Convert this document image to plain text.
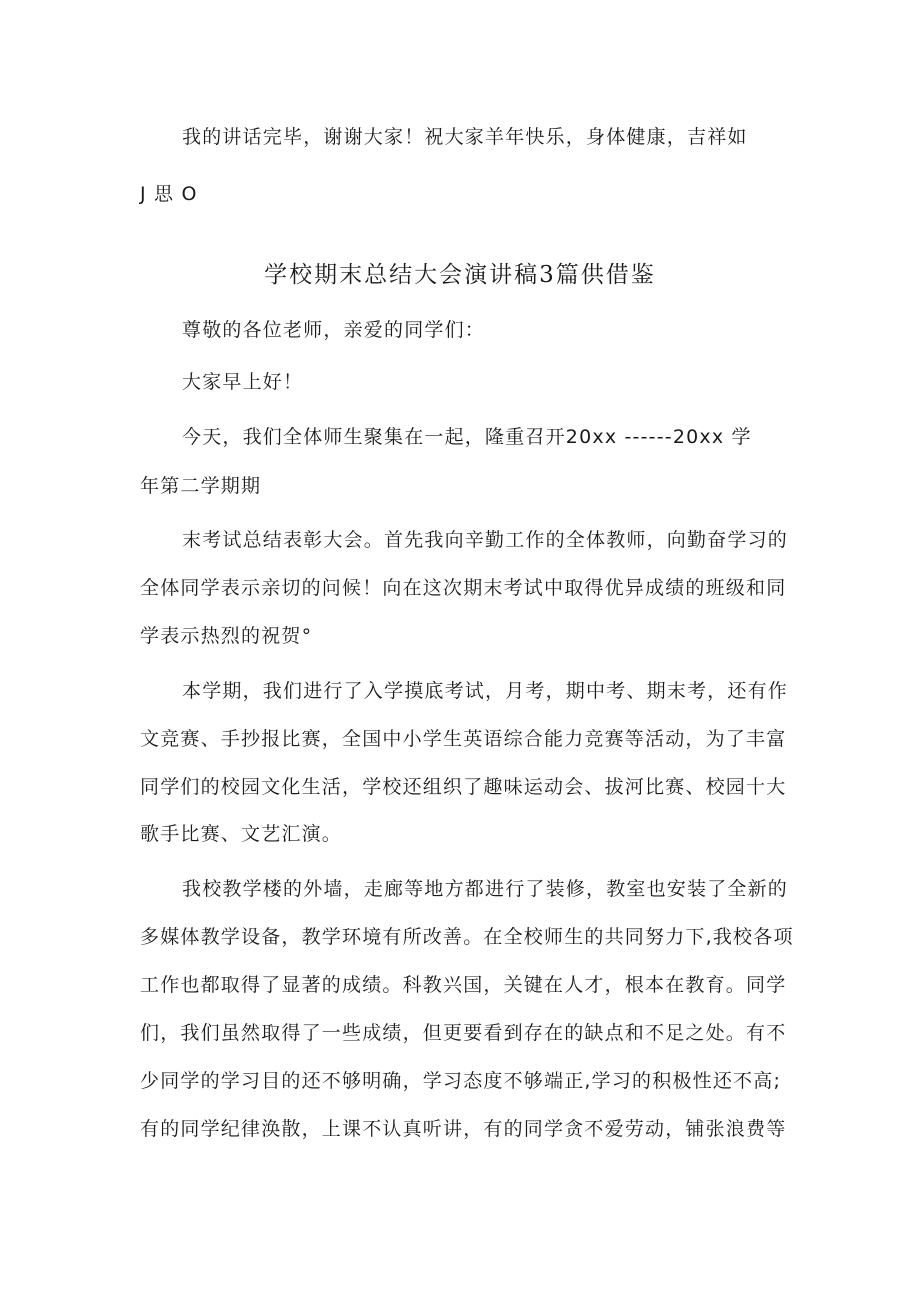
我的讲话完毕，谢谢大家！祝大家羊年快乐，身体健康，吉祥如
J 思 O
学校期末总结大会演讲稿3篇供借鉴
尊敬的各位老师，亲爱的同学们：
大家早上好！
今天，我们全体师生聚集在一起，隆重召开20xx ------20xx 学
年第二学期期
末考试总结表彰大会。首先我向辛勤工作的全体教师，向勤奋学习的
全体同学表示亲切的问候！向在这次期末考试中取得优异成绩的班级和同
学表示热烈的祝贺°
本学期，我们进行了入学摸底考试，月考，期中考、期末考，还有作
文竞赛、手抄报比赛，全国中小学生英语综合能力竞赛等活动，为了丰富
同学们的校园文化生活，学校还组织了趣味运动会、拔河比赛、校园十大
歌手比赛、文艺汇演。
我校教学楼的外墙，走廊等地方都进行了装修，教室也安装了全新的
多媒体教学设备，教学环境有所改善。在全校师生的共同努力下,我校各项
工作也都取得了显著的成绩。科教兴国，关键在人才，根本在教育。同学
们，我们虽然取得了一些成绩，但更要看到存在的缺点和不足之处。有不
少同学的学习目的还不够明确，学习态度不够端正,学习的积极性还不高;
有的同学纪律涣散，上课不认真听讲，有的同学贪不爱劳动，铺张浪费等
